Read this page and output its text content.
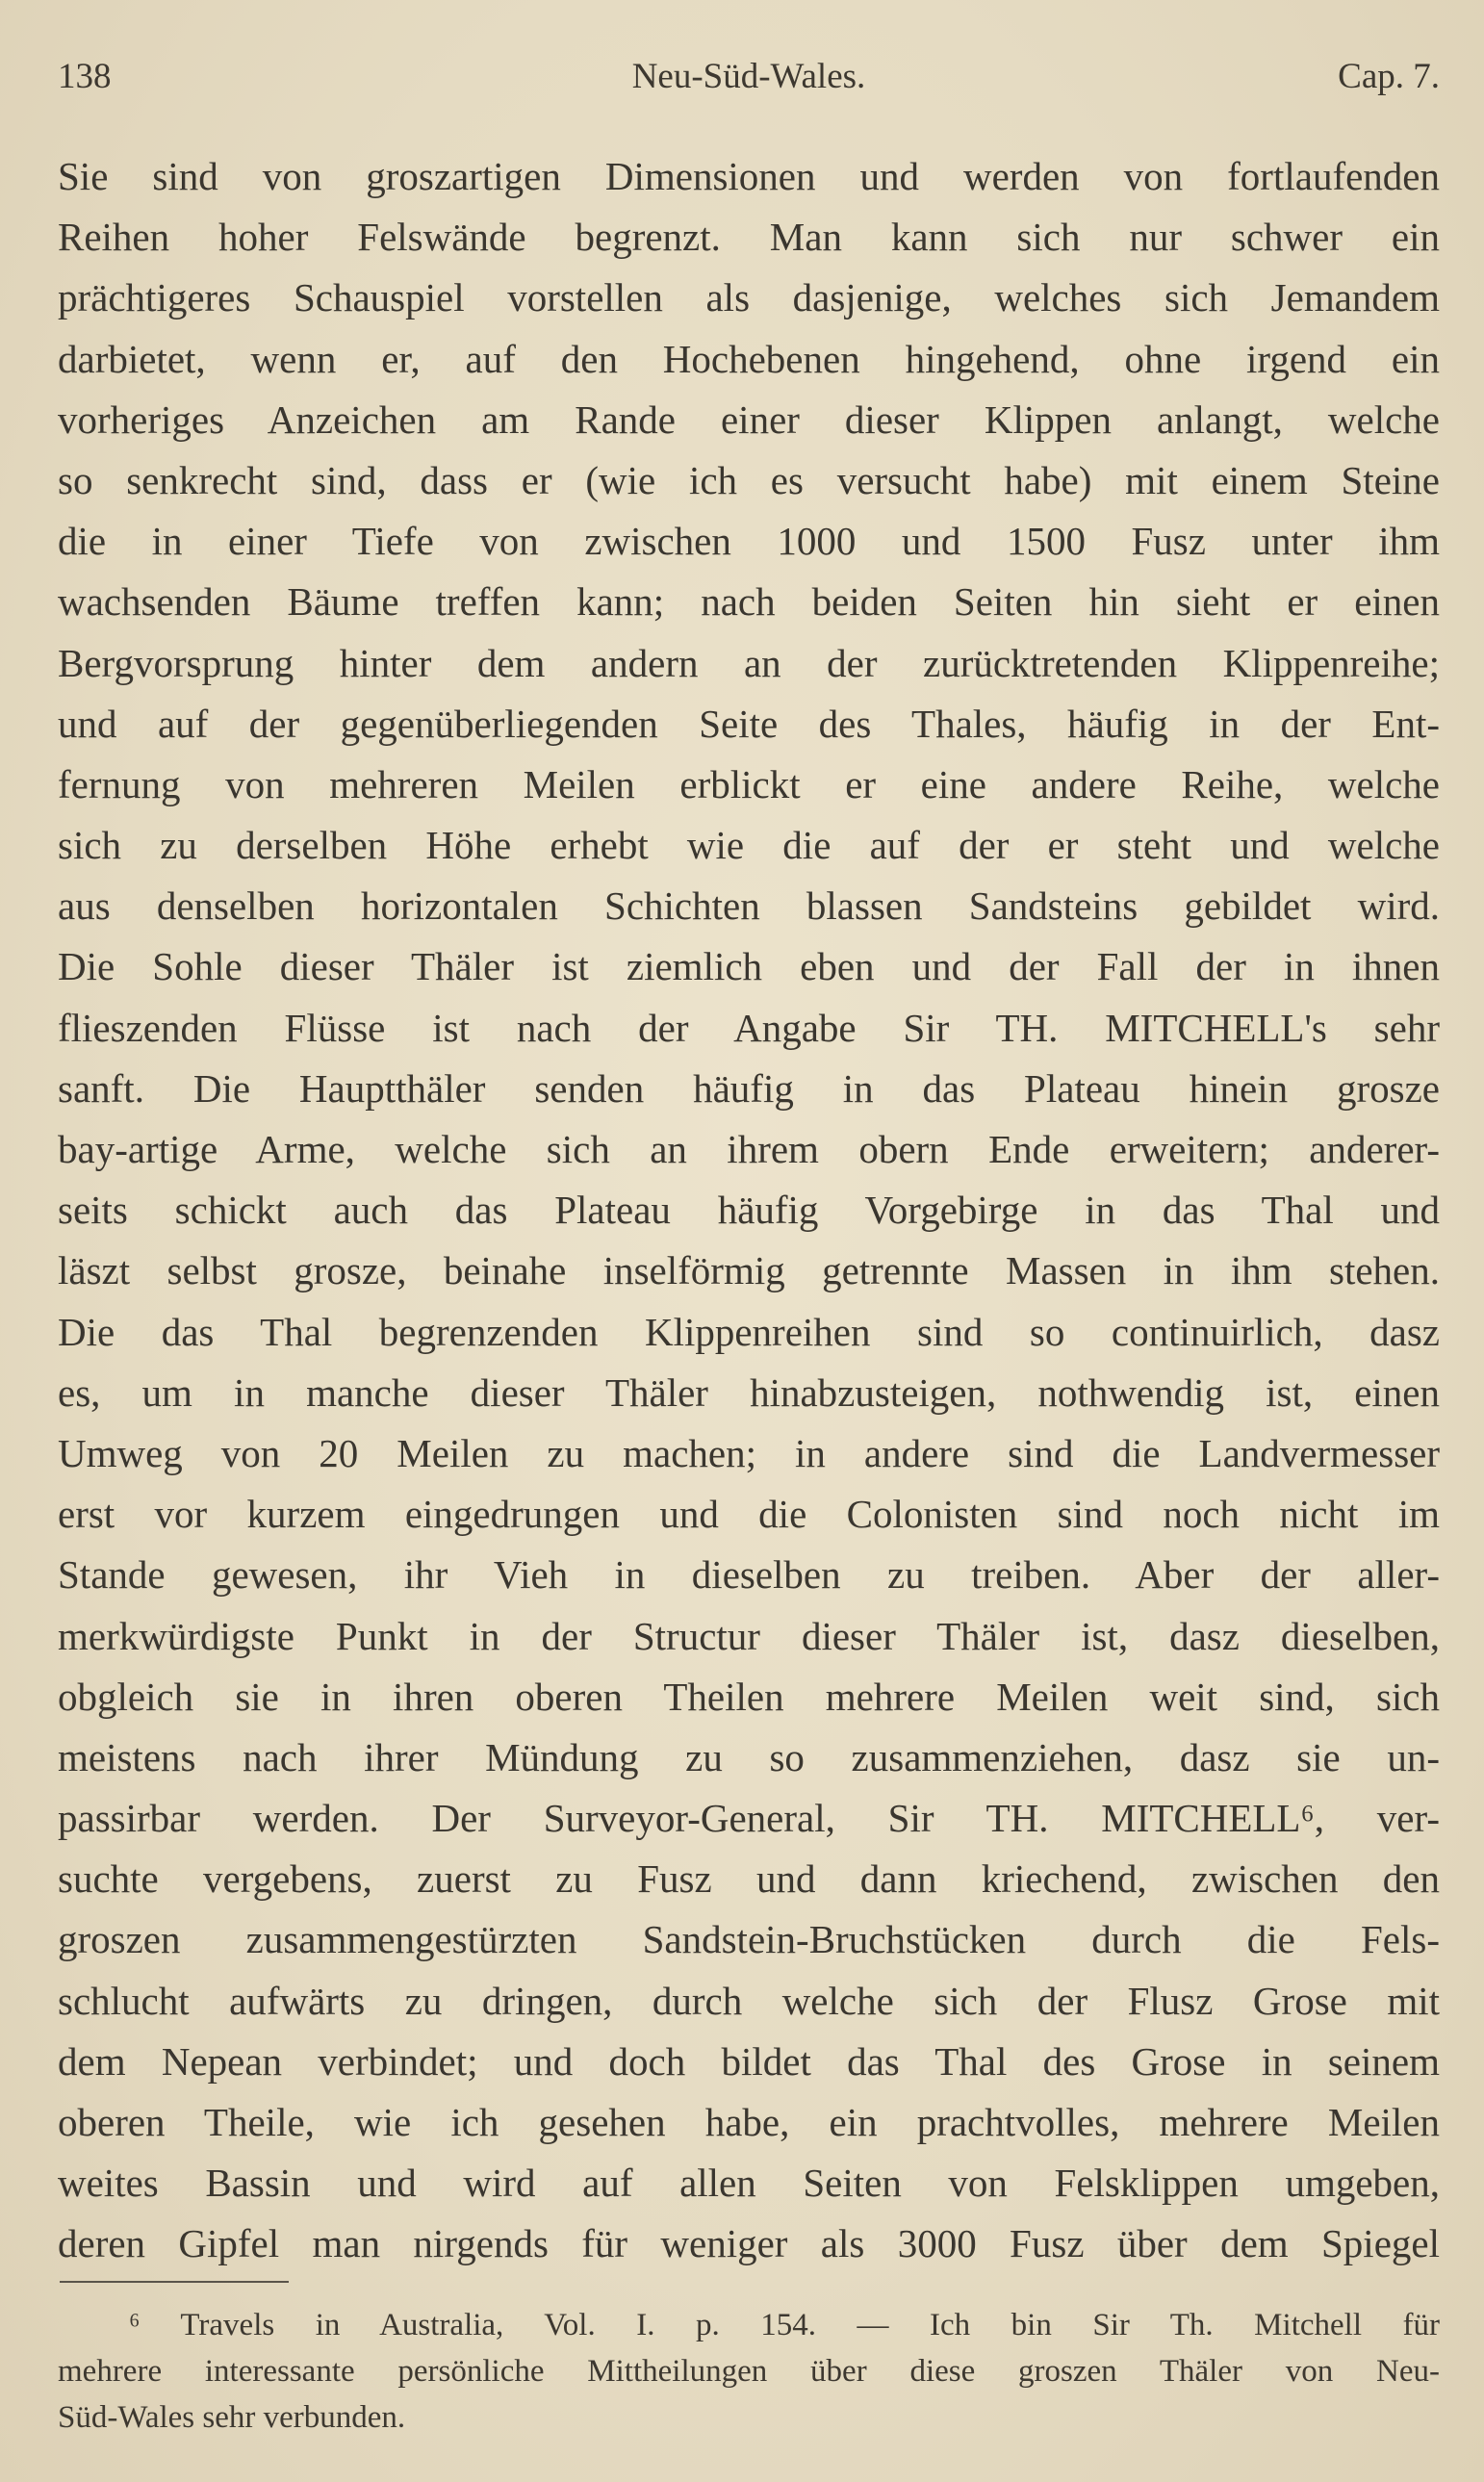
138	Neu-Süd-Wales.	Cap. 7.
Sie sind von groszartigen Dimensionen und werden von fortlaufenden
Reihen hoher Felswände begrenzt. Man kann sich nur schwer ein
prächtigeres Schauspiel vorstellen als dasjenige, welches sich Jemandem
darbietet, wenn er, auf den Hochebenen hingehend, ohne irgend ein
vorheriges Anzeichen am Rande einer dieser Klippen anlangt, welche
so senkrecht sind, dass er (wie ich es versucht habe) mit einem Steine
die in einer Tiefe von zwischen 1000 und 1500 Fusz unter ihm
wachsenden Bäume treffen kann; nach beiden Seiten hin sieht er einen
Bergvorsprung hinter dem andern an der zurücktretenden Klippenreihe;
und auf der gegenüberliegenden Seite des Thales, häufig in der Ent-
fernung von mehreren Meilen erblickt er eine andere Reihe, welche
sich zu derselben Höhe erhebt wie die auf der er steht und welche
aus denselben horizontalen Schichten blassen Sandsteins gebildet wird.
Die Sohle dieser Thäler ist ziemlich eben und der Fall der in ihnen
flieszenden Flüsse ist nach der Angabe Sir TH. MITCHELL's sehr
sanft. Die Hauptthäler senden häufig in das Plateau hinein grosze
bay-artige Arme, welche sich an ihrem obern Ende erweitern; anderer-
seits schickt auch das Plateau häufig Vorgebirge in das Thal und
läszt selbst grosze, beinahe inselförmig getrennte Massen in ihm stehen.
Die das Thal begrenzenden Klippenreihen sind so continuirlich, dasz
es, um in manche dieser Thäler hinabzusteigen, nothwendig ist, einen
Umweg von 20 Meilen zu machen; in andere sind die Landvermesser
erst vor kurzem eingedrungen und die Colonisten sind noch nicht im
Stande gewesen, ihr Vieh in dieselben zu treiben. Aber der aller-
merkwürdigste Punkt in der Structur dieser Thäler ist, dasz dieselben,
obgleich sie in ihren oberen Theilen mehrere Meilen weit sind, sich
meistens nach ihrer Mündung zu so zusammenziehen, dasz sie un-
passirbar werden. Der Surveyor-General, Sir TH. MITCHELL⁶, ver-
suchte vergebens, zuerst zu Fusz und dann kriechend, zwischen den
groszen zusammengestürzten Sandstein-Bruchstücken durch die Fels-
schlucht aufwärts zu dringen, durch welche sich der Flusz Grose mit
dem Nepean verbindet; und doch bildet das Thal des Grose in seinem
oberen Theile, wie ich gesehen habe, ein prachtvolles, mehrere Meilen
weites Bassin und wird auf allen Seiten von Felsklippen umgeben,
deren Gipfel man nirgends für weniger als 3000 Fusz über dem Spiegel
⁶ Travels in Australia, Vol. I. p. 154. — Ich bin Sir Th. Mitchell für
mehrere interessante persönliche Mittheilungen über diese groszen Thäler von Neu-
Süd-Wales sehr verbunden.
